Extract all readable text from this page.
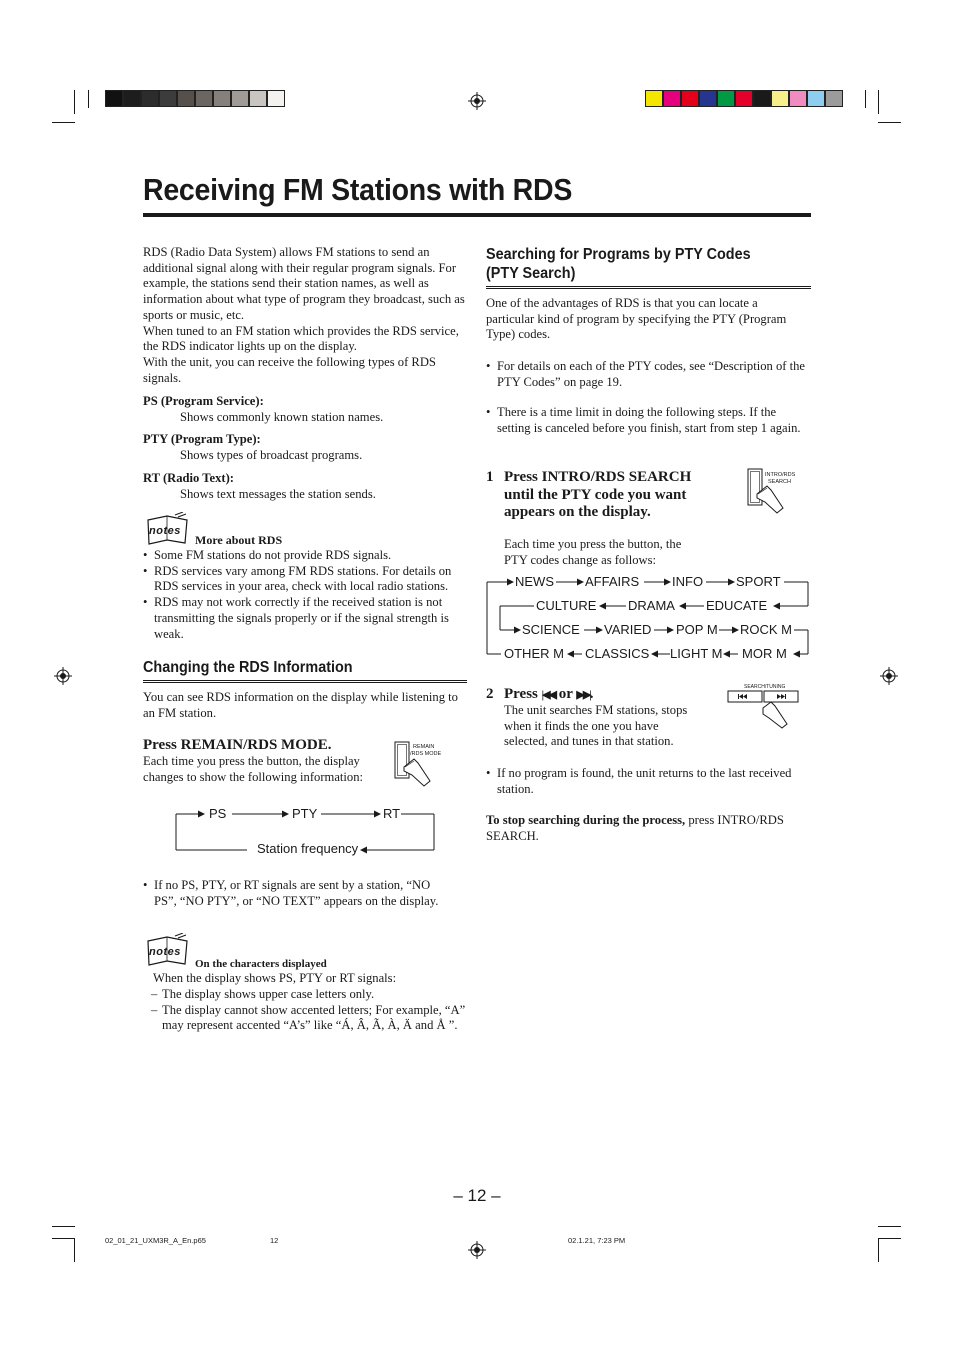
Receiving FM Stations with RDS

RDS (Radio Data System) allows FM stations to send an additional signal along with their regular program signals. For example, the stations send their station names, as well as information about what type of program they broadcast, such as sports or music, etc.

When tuned to an FM station which provides the RDS service, the RDS indicator lights up on the display.

With the unit, you can receive the following types of RDS signals.

PS (Program Service):

Shows commonly known station names.

PTY (Program Type):

Shows types of broadcast programs.

RT (Radio Text):

Shows text messages the station sends.

notes
More about RDS
• Some FM stations do not provide RDS signals.
• RDS services vary among FM RDS stations. For details on RDS services in your area, check with local radio stations.
• RDS may not work correctly if the received station is not transmitting the signals properly or if the signal strength is weak.
Changing the RDS Information
You can see RDS information on the display while listening to an FM station.
Press REMAIN/RDS MODE.
Each time you press the button, the display changes to show the following information:
REMAIN
/RDS MODE
PS	PTY	RT
Station frequency
• If no PS, PTY, or RT signals are sent by a station, “NO PS”, “NO PTY”, or “NO TEXT” appears on the display.
notes
On the characters displayed
When the display shows PS, PTY or RT signals:
– The display shows upper case letters only.
– The display cannot show accented letters; For example, “A” may represent accented “A’s” like “Á, Â, Ã, À, Ä and Å ”.
Searching for Programs by PTY Codes
(PTY Search)
One of the advantages of RDS is that you can locate a particular kind of program by specifying the PTY (Program Type) codes.
• For details on each of the PTY codes, see “Description of the PTY Codes” on page 19.
• There is a time limit in doing the following steps. If the setting is canceled before you finish, start from step 1 again.
1 Press INTRO/RDS SEARCH until the PTY code you want appears on the display.
Each time you press the button, the PTY codes change as follows:
INTRO/RDS
SEARCH
NEWS AFFAIRS	INFO	SPORT
CULTURE DRAMA EDUCATE
SCIENCE VARIED POP M ROCK M
OTHER M CLASSICS LIGHT M MOR M
2 Press |◀◀ or ▶▶|.
The unit searches FM stations, stops when it finds the one you have selected, and tunes in that station.
SEARCH/TUNING
• If no program is found, the unit returns to the last received station.
To stop searching during the process, press INTRO/RDS SEARCH.
– 12 –
02_01_21_UXM3R_A_En.p65	12	02.1.21, 7:23 PM
